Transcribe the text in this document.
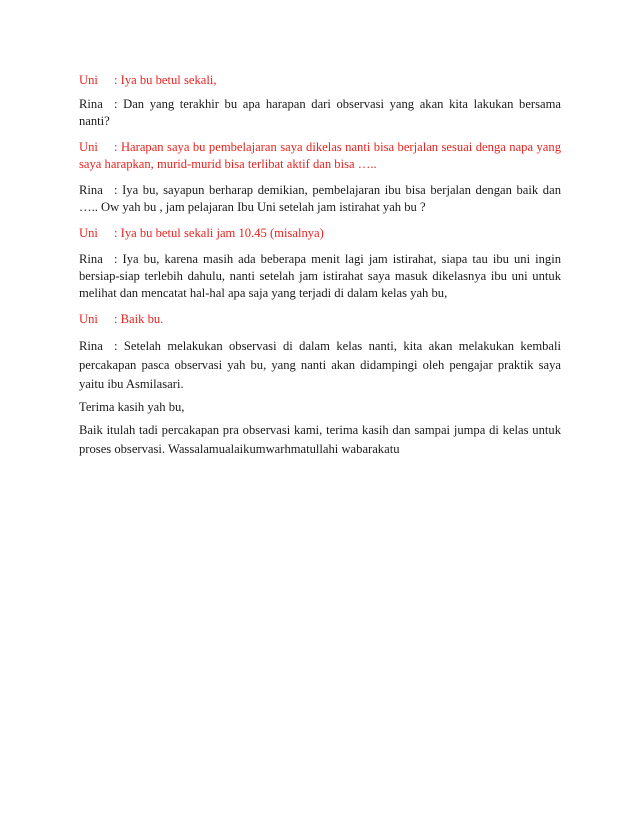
Uni : Iya bu betul sekali,

Rina : Dan yang terakhir bu apa harapan dari observasi yang akan kita lakukan bersama nanti?

Uni : Harapan saya bu pembelajaran saya dikelas nanti bisa berjalan sesuai denga napa yang saya harapkan, murid-murid bisa terlibat aktif dan bisa …..

Rina : Iya bu, sayapun berharap demikian, pembelajaran ibu bisa berjalan dengan baik dan ….. Ow yah bu , jam pelajaran Ibu Uni setelah jam istirahat yah bu ?

Uni : Iya bu betul sekali jam 10.45 (misalnya)

Rina : Iya bu, karena masih ada beberapa menit lagi jam istirahat, siapa tau ibu uni ingin bersiap-siap terlebih dahulu, nanti setelah jam istirahat saya masuk dikelasnya ibu uni untuk melihat dan mencatat hal-hal apa saja yang terjadi di dalam kelas yah bu,

Uni : Baik bu.

Rina : Setelah melakukan observasi di dalam kelas nanti, kita akan melakukan kembali percakapan pasca observasi yah bu, yang nanti akan didampingi oleh pengajar praktik saya yaitu ibu Asmilasari.

Terima kasih yah bu,

Baik itulah tadi percakapan pra observasi kami, terima kasih dan sampai jumpa di kelas untuk proses observasi. Wassalamualaikumwarhmatullahi wabarakatu
